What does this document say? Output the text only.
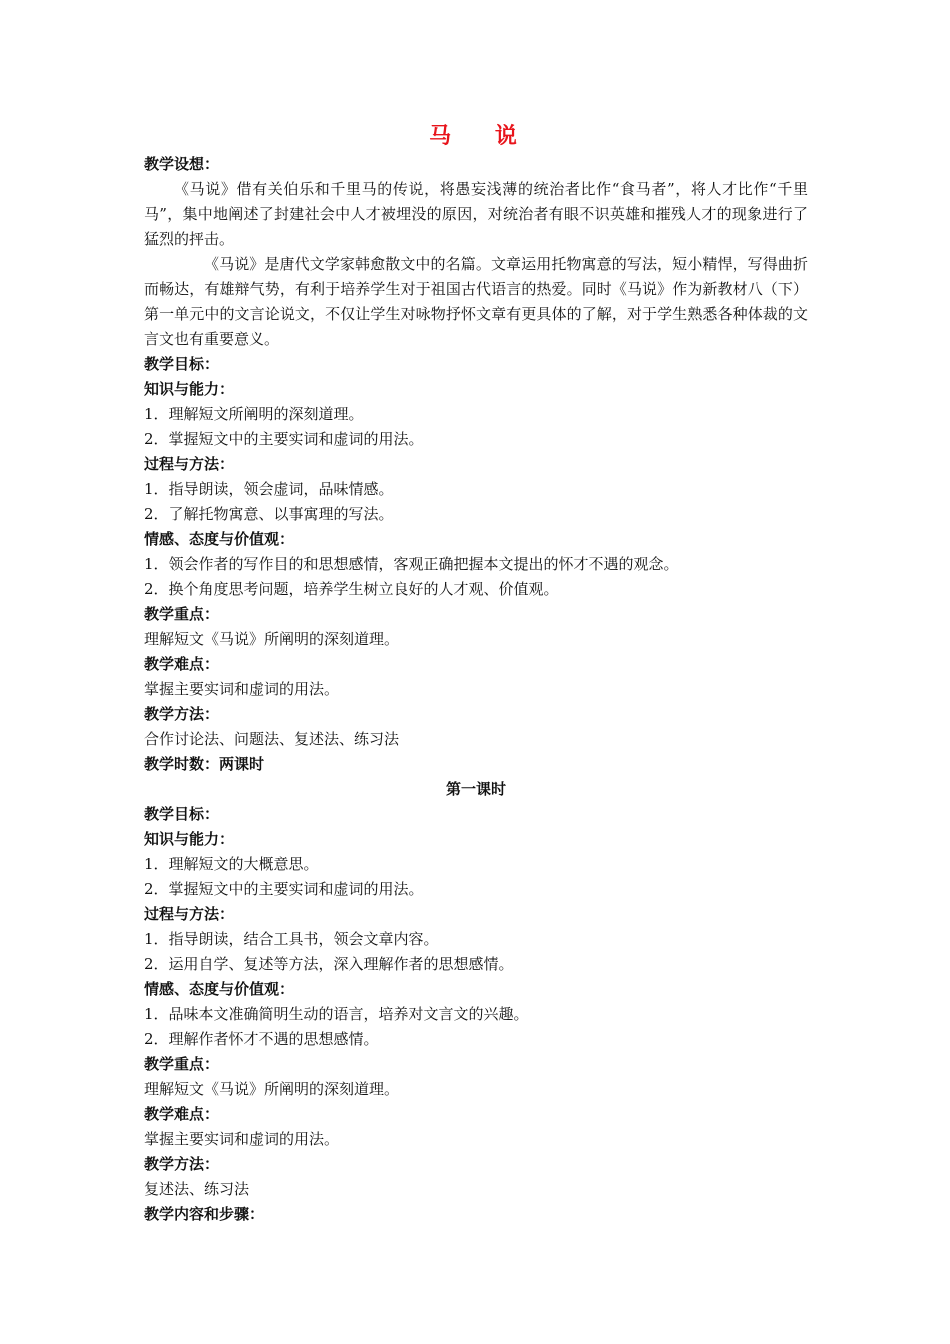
马 说
教学设想：
《马说》借有关伯乐和千里马的传说，将愚妄浅薄的统治者比作“食马者”，将人才比作“千里马”，集中地阐述了封建社会中人才被埋没的原因，对统治者有眼不识英雄和摧残人才的现象进行了猛烈的抨击。
《马说》是唐代文学家韩愈散文中的名篇。文章运用托物寓意的写法，短小精悍，写得曲折而畅达，有雄辩气势，有利于培养学生对于祖国古代语言的热爱。同时《马说》作为新教材八（下）第一单元中的文言论说文，不仅让学生对咏物抒怀文章有更具体的了解，对于学生熟悉各种体裁的文言文也有重要意义。
教学目标：
知识与能力：
1．理解短文所阐明的深刻道理。
2．掌握短文中的主要实词和虚词的用法。
过程与方法：
1．指导朗读，领会虚词，品味情感。
2．了解托物寓意、以事寓理的写法。
情感、态度与价值观：
1．领会作者的写作目的和思想感情，客观正确把握本文提出的怀才不遇的观念。
2．换个角度思考问题，培养学生树立良好的人才观、价值观。
教学重点：
理解短文《马说》所阐明的深刻道理。
教学难点：
掌握主要实词和虚词的用法。
教学方法：
合作讨论法、问题法、复述法、练习法
教学时数：两课时
第一课时
教学目标：
知识与能力：
1．理解短文的大概意思。
2．掌握短文中的主要实词和虚词的用法。
过程与方法：
1．指导朗读，结合工具书，领会文章内容。
2．运用自学、复述等方法，深入理解作者的思想感情。
情感、态度与价值观：
1．品味本文准确简明生动的语言，培养对文言文的兴趣。
2．理解作者怀才不遇的思想感情。
教学重点：
理解短文《马说》所阐明的深刻道理。
教学难点：
掌握主要实词和虚词的用法。
教学方法：
复述法、练习法
教学内容和步骤：
